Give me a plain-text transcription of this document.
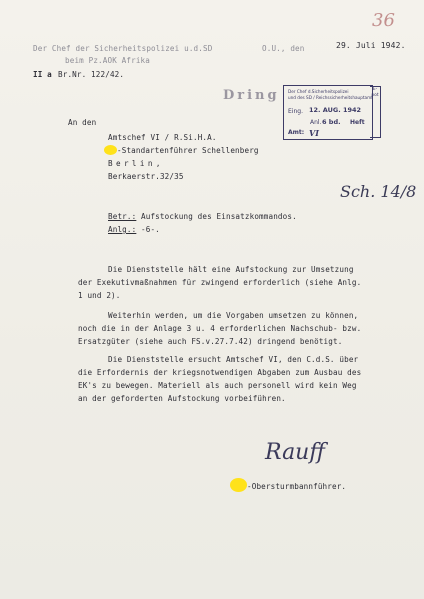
36
Der Chef der Sicherheitspolizei u.d.SD
beim Pz.AOK Afrika
O.U., den	29. Juli 1942.
II a Br.Nr. 122/42.
Dring Der Chef d.Sicherheitspolizei
und des SD / Reichssicherheitshauptamt
Eing. 12. AUG. 1942
Anl. 6 bd. Heft
Amt: VI
E-
not
An den
Amtschef VI / R.Si.H.A.
-Standartenführer Schellenberg
Berlin,
Berkaerstr.32/35
Sch. 14/8
Betr.: Aufstockung des Einsatzkommandos.
Anlg.: -6-.
Die Dienststelle hält eine Aufstockung zur Umsetzung
der Exekutivmaßnahmen für zwingend erforderlich (siehe Anlg.
1 und 2).
Weiterhin werden, um die Vorgaben umsetzen zu können,
noch die in der Anlage 3 u. 4 erforderlichen Nachschub- bzw.
Ersatzgüter (siehe auch FS.v.27.7.42) dringend benötigt.
Die Dienststelle ersucht Amtschef VI, den C.d.S. über
die Erfordernis der kriegsnotwendigen Abgaben zum Ausbau des
EK's zu bewegen. Materiell als auch personell wird kein Weg
an der geforderten Aufstockung vorbeiführen.
Rauff
-Obersturmbannführer.
